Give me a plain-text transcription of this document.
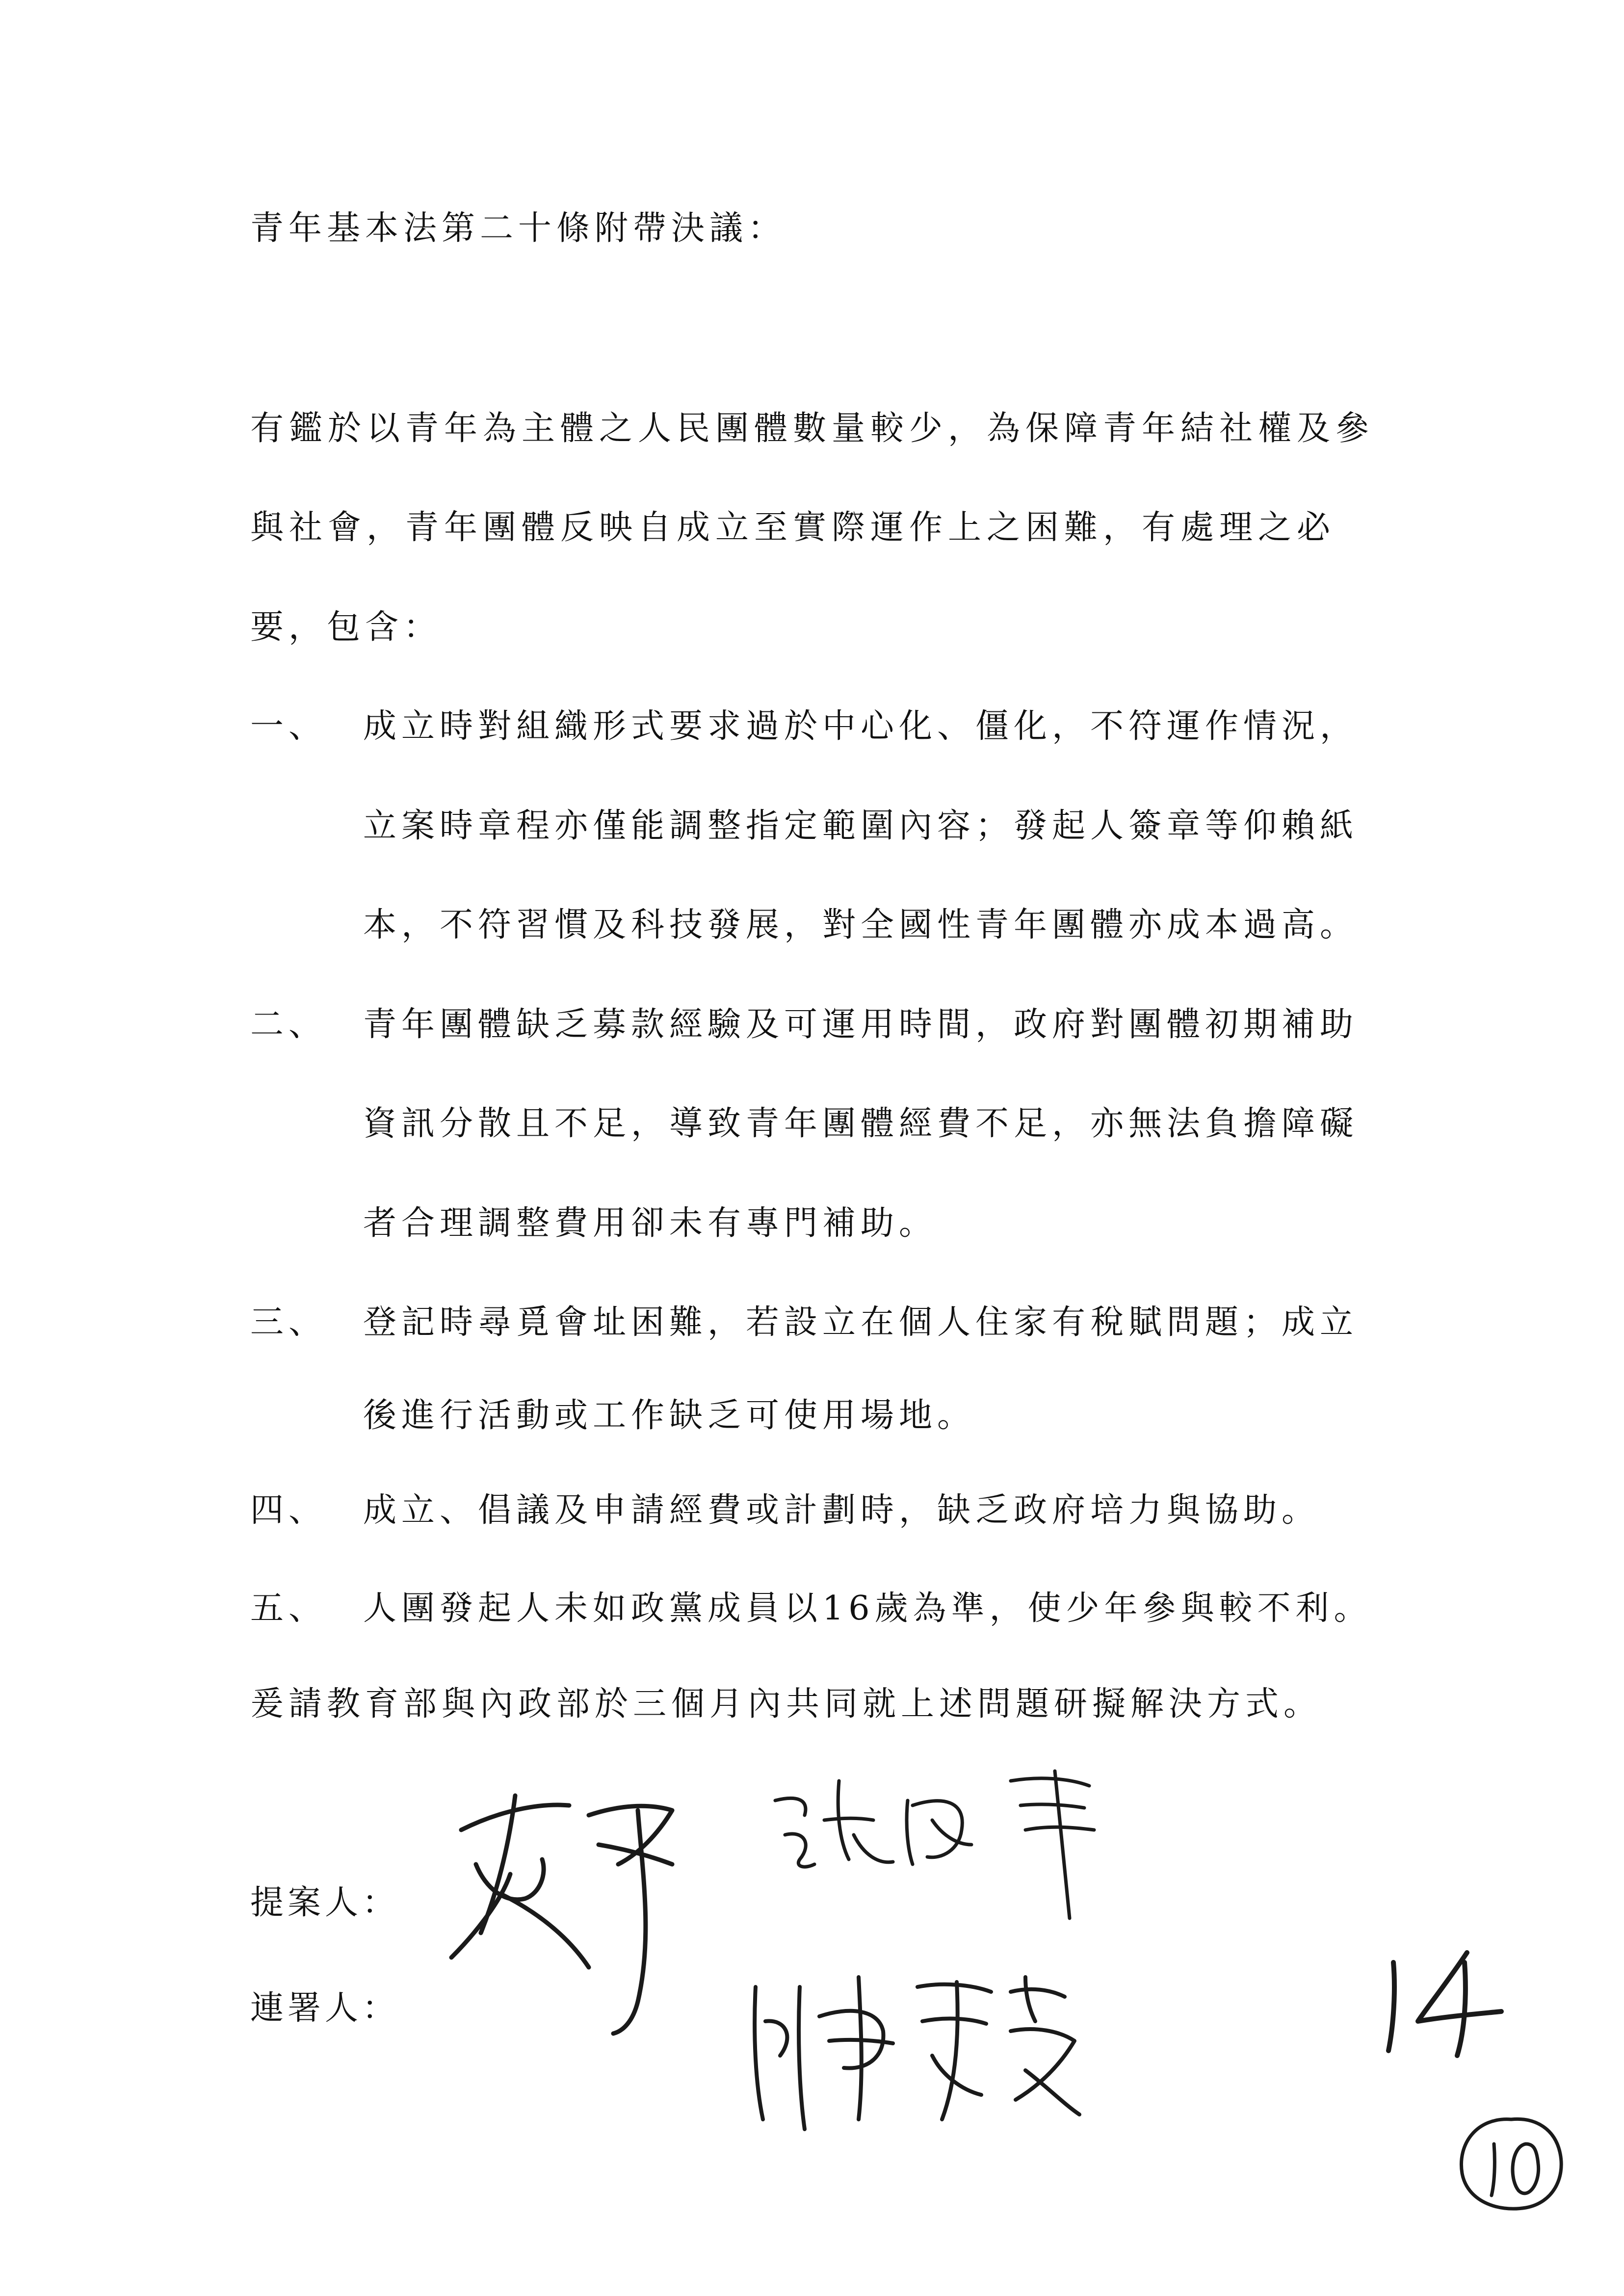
青年基本法第二十條附帶決議：
有鑑於以青年為主體之人民團體數量較少，為保障青年結社權及參
與社會，青年團體反映自成立至實際運作上之困難，有處理之必
要，包含：
一、 成立時對組織形式要求過於中心化、僵化，不符運作情況，
立案時章程亦僅能調整指定範圍內容；發起人簽章等仰賴紙
本，不符習慣及科技發展，對全國性青年團體亦成本過高。
二、 青年團體缺乏募款經驗及可運用時間，政府對團體初期補助
資訊分散且不足，導致青年團體經費不足，亦無法負擔障礙
者合理調整費用卻未有專門補助。
三、 登記時尋覓會址困難，若設立在個人住家有稅賦問題；成立
後進行活動或工作缺乏可使用場地。
四、 成立、倡議及申請經費或計劃時，缺乏政府培力與協助。
五、 人團發起人未如政黨成員以16歲為準，使少年參與較不利。
爰請教育部與內政部於三個月內共同就上述問題研擬解決方式。
提案人：
連署人：
